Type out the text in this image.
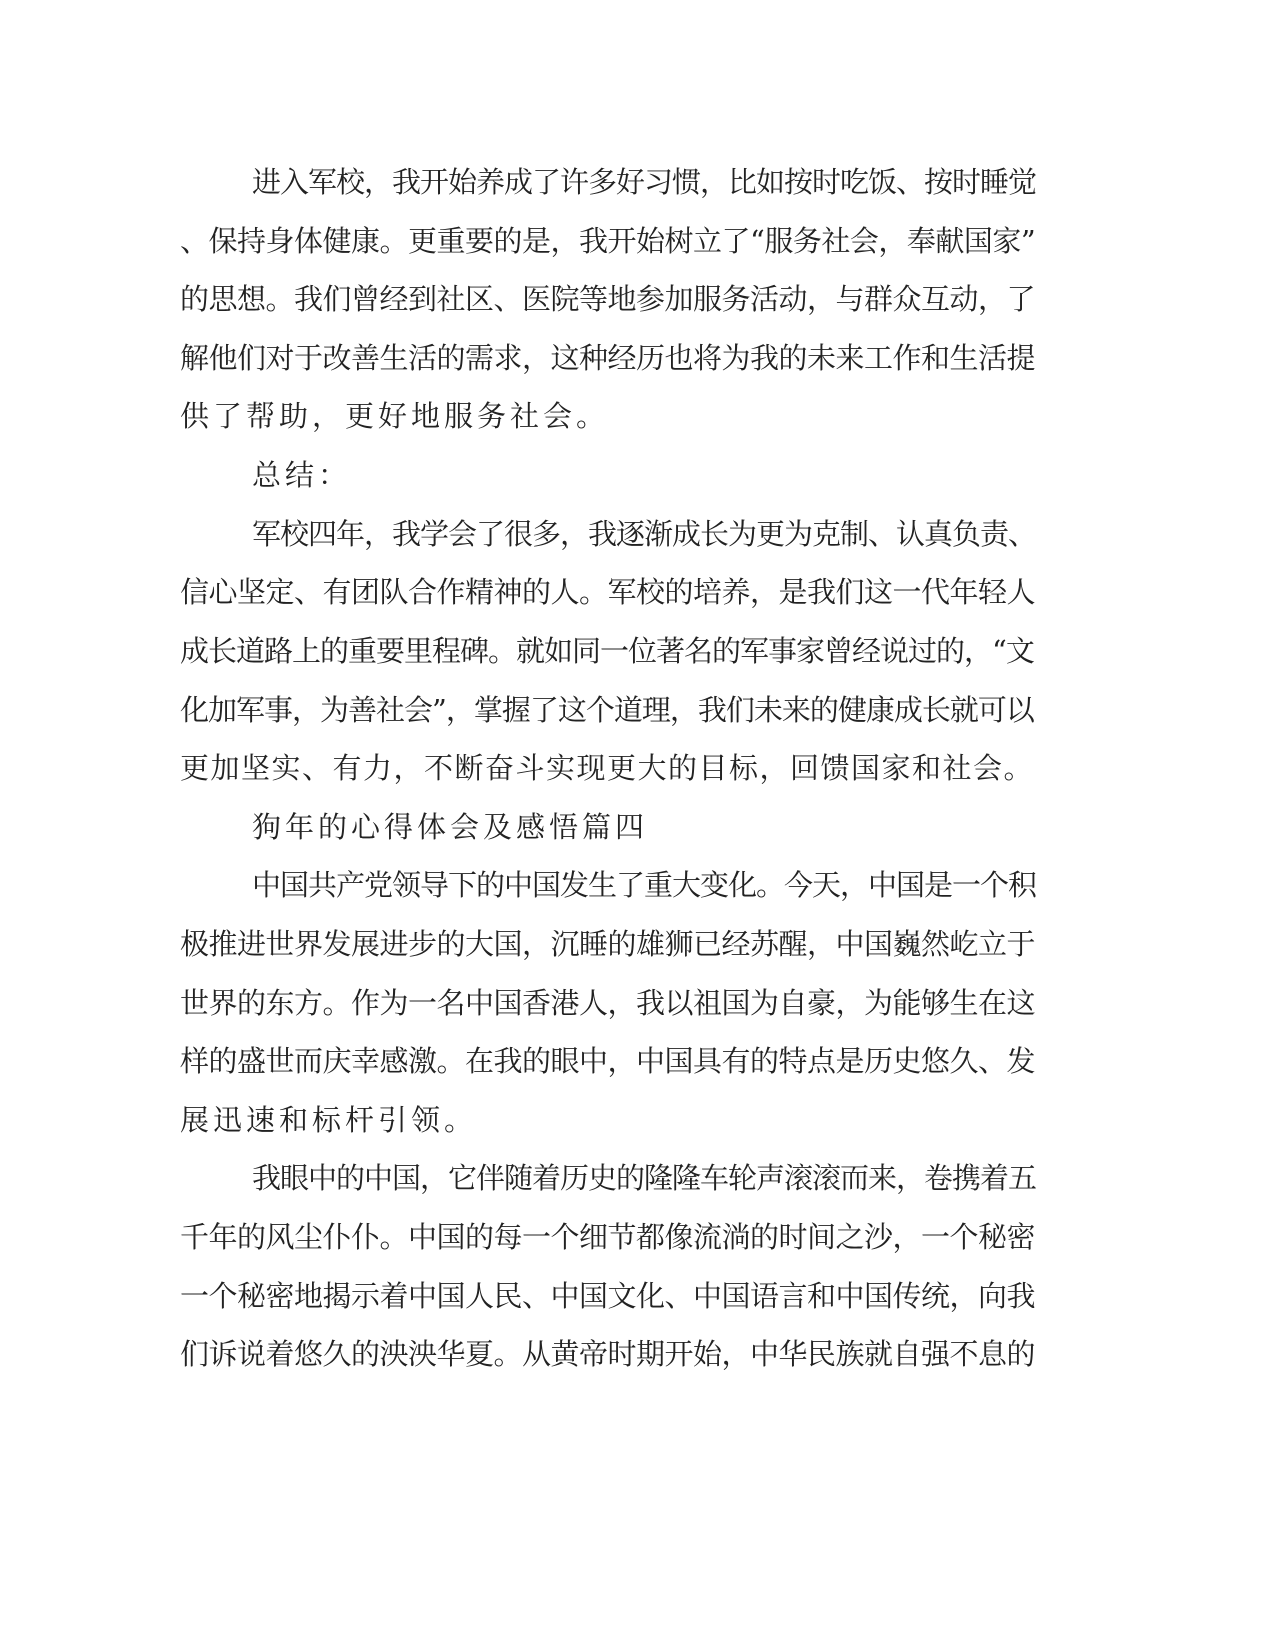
进入军校，我开始养成了许多好习惯，比如按时吃饭、按时睡觉
、保持身体健康。更重要的是，我开始树立了“服务社会，奉献国家”
的思想。我们曾经到社区、医院等地参加服务活动，与群众互动，了
解他们对于改善生活的需求，这种经历也将为我的未来工作和生活提
供了帮助，更好地服务社会。
总结：
军校四年，我学会了很多，我逐渐成长为更为克制、认真负责、
信心坚定、有团队合作精神的人。军校的培养，是我们这一代年轻人
成长道路上的重要里程碑。就如同一位著名的军事家曾经说过的，“文
化加军事，为善社会”，掌握了这个道理，我们未来的健康成长就可以
更加坚实、有力，不断奋斗实现更大的目标，回馈国家和社会。
狗年的心得体会及感悟篇四
中国共产党领导下的中国发生了重大变化。今天，中国是一个积
极推进世界发展进步的大国，沉睡的雄狮已经苏醒，中国巍然屹立于
世界的东方。作为一名中国香港人，我以祖国为自豪，为能够生在这
样的盛世而庆幸感激。在我的眼中，中国具有的特点是历史悠久、发
展迅速和标杆引领。
我眼中的中国，它伴随着历史的隆隆车轮声滚滚而来，卷携着五
千年的风尘仆仆。中国的每一个细节都像流淌的时间之沙，一个秘密
一个秘密地揭示着中国人民、中国文化、中国语言和中国传统，向我
们诉说着悠久的泱泱华夏。从黄帝时期开始，中华民族就自强不息的
